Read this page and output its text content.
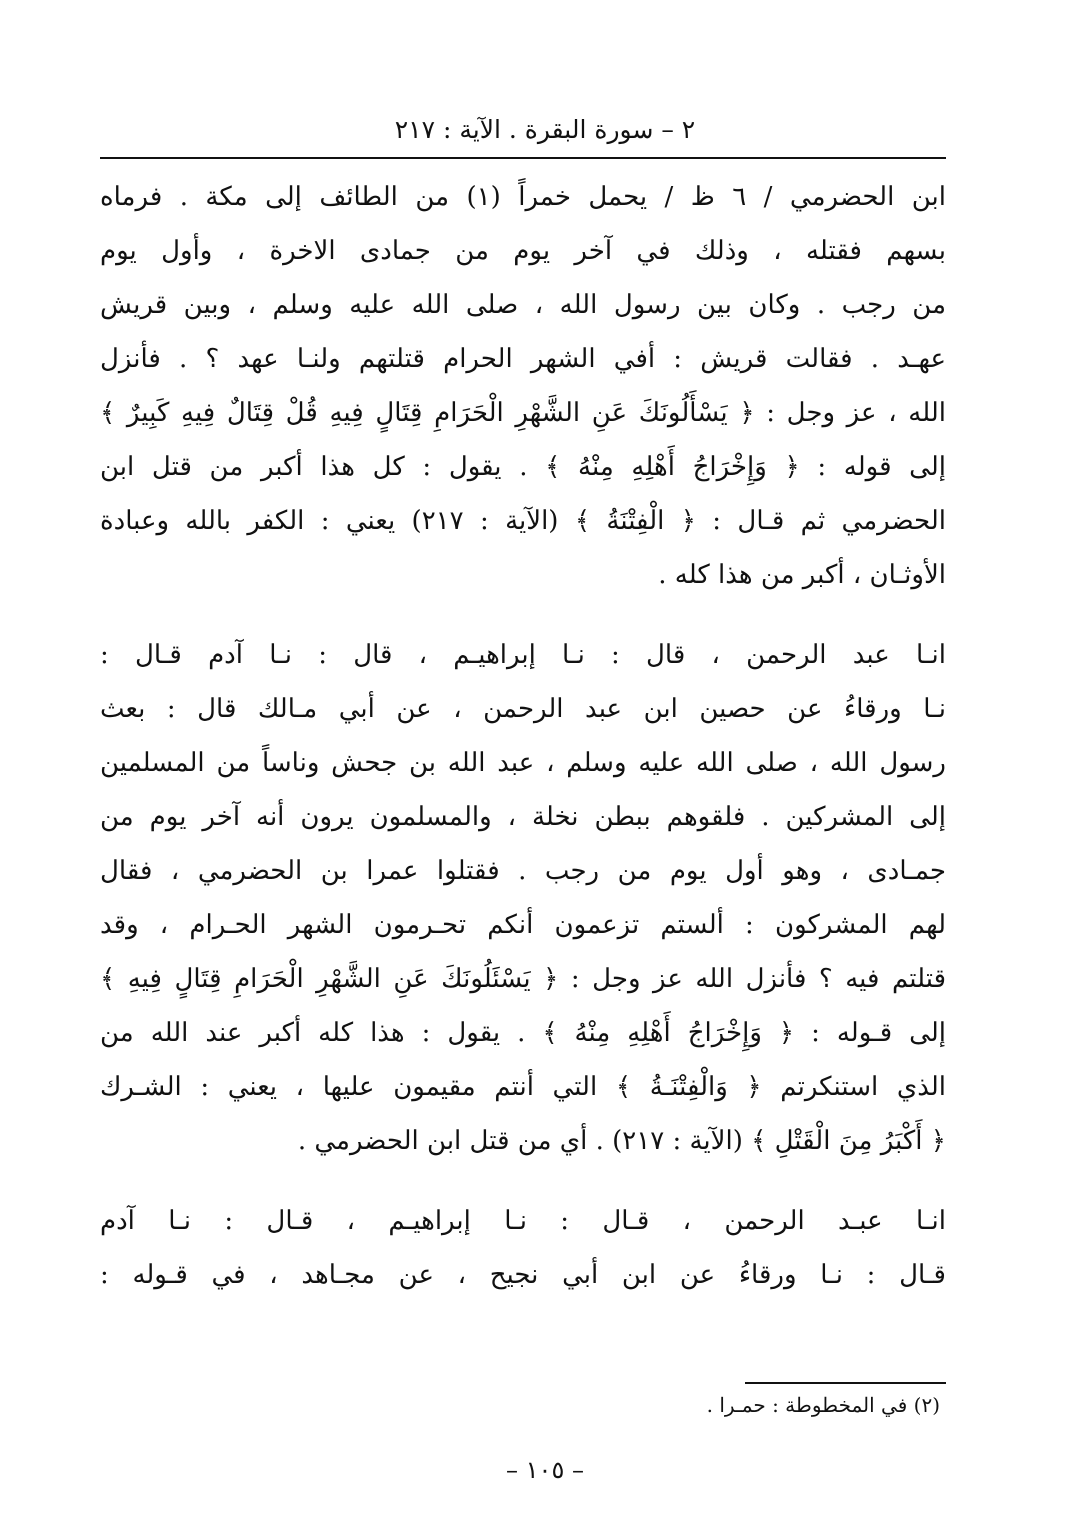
٢ – سورة البقرة . الآية : ٢١٧
ابن الحضرمي / ٦ ظ / يحمل خمراً (١) من الطائف إلى مكة . فرماه
بسهم فقتله ، وذلك في آخر يوم من جمادى الاخرة ، وأول يوم
من رجب . وكان بين رسول الله ، صلى الله عليه وسلم ، وبين قريش
عهـد . فقالت قريش : أفي الشهر الحرام قتلتهم ولنـا عهد ؟ . فأنزل
الله ، عز وجل : ﴿ يَسْأَلُونَكَ عَنِ الشَّهْرِ الْحَرَامِ قِتَالٍ فِيهِ قُلْ قِتَالٌ فِيهِ كَبِيرٌ ﴾
إلى قوله : ﴿ وَإِخْرَاجُ أَهْلِهِ مِنْهُ ﴾ . يقول : كل هذا أكبر من قتل ابن
الحضرمي ثم قـال : ﴿ الْفِتْنَةُ ﴾ (الآية : ٢١٧) يعني : الكفر بالله وعبادة
الأوثـان ، أكبر من هذا كله .
انـا عبد الرحمن ، قال : نـا إبراهيـم ، قال : نـا آدم قـال :
نـا ورقاءُ عن حصين ابن عبد الرحمن ، عن أبي مـالك قال : بعث
رسول الله ، صلى الله عليه وسلم ، عبد الله بن جحش وناساً من المسلمين
إلى المشركين . فلقوهم ببطن نخلة ، والمسلمون يرون أنه آخر يوم من
جمـادى ، وهو أول يوم من رجب . فقتلوا عمرا بن الحضرمي ، فقال
لهم المشركون : ألستم تزعمون أنكم تحـرمون الشهر الحـرام ، وقد
قتلتم فيه ؟ فأنزل الله عز وجل : ﴿ يَسْئَلُونَكَ عَنِ الشَّهْرِ الْحَرَامِ قِتَالٍ فِيهِ ﴾
إلى قـوله : ﴿ وَإِخْرَاجُ أَهْلِهِ مِنْهُ ﴾ . يقول : هذا كله أكبر عند الله من
الذي استنكرتم ﴿ وَالْفِتْنَـةُ ﴾ التي أنتم مقيمون عليها ، يعني : الشـرك
﴿ أَكْبَرُ مِنَ الْقَتْلِ ﴾ (الآية : ٢١٧) . أي من قتل ابن الحضرمي .
انـا عبـد الرحمن ، قـال : نـا إبراهيـم ، قـال : نـا آدم
قـال : نـا ورقاءُ عن ابن أبي نجيح ، عن مجـاهد ، في قـوله :
(٢) في المخطوطة : حمـرا .
– ١٠٥ –
